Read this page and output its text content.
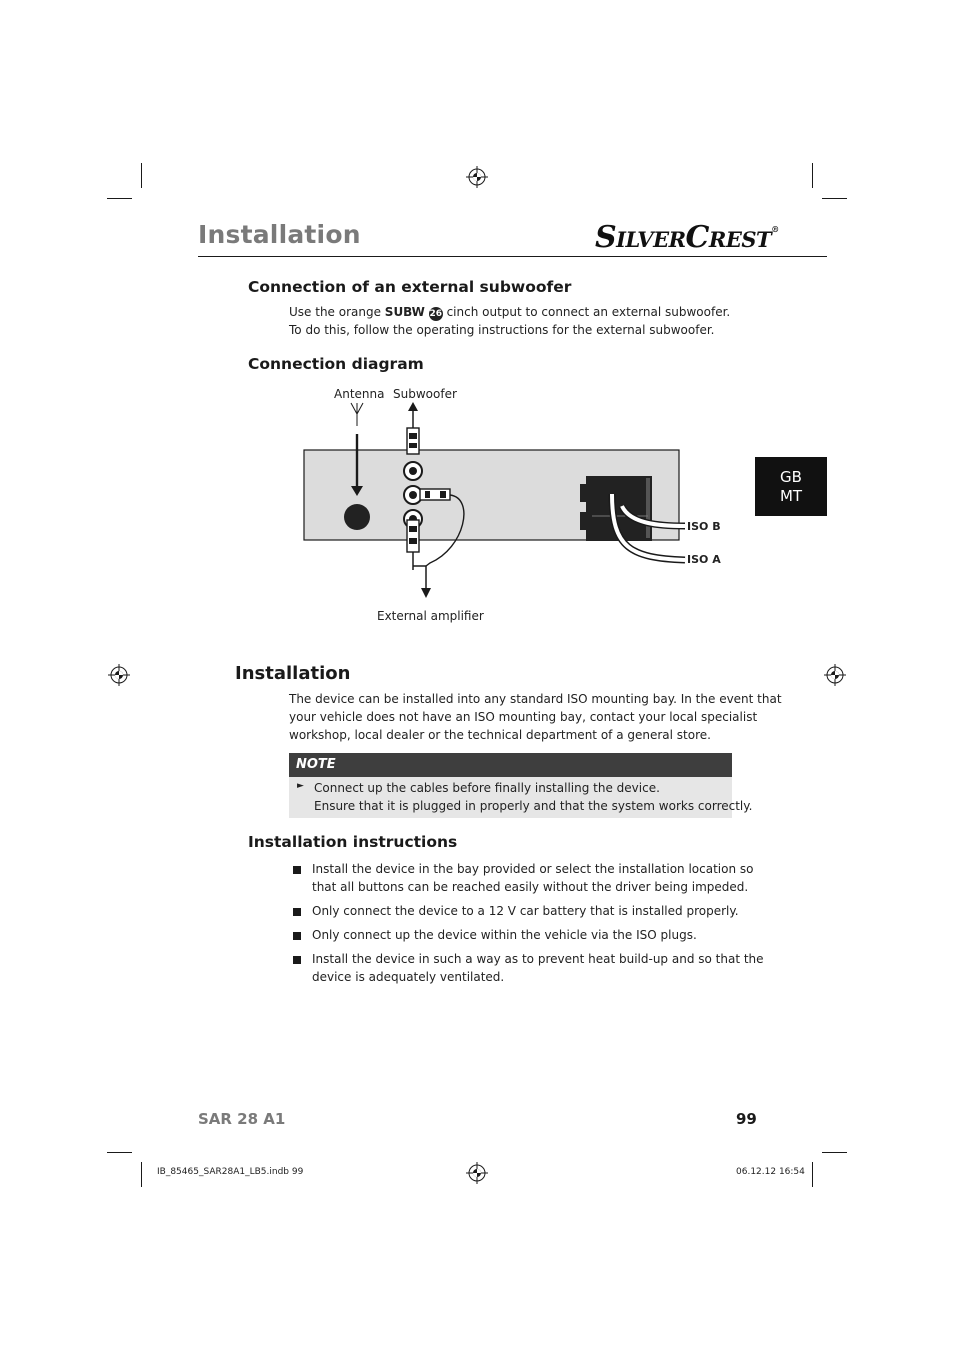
Installation	SILVERCREST®
GB
MT
Connection of an external subwoofer
Use the orange SUBW 26 cinch output to connect an external subwoofer.
To do this, follow the operating instructions for the external subwoofer.
Connection diagram
Antenna Subwoofer
ISO B
ISO A
External amplifier
Installation
The device can be installed into any standard ISO mounting bay. In the event that
your vehicle does not have an ISO mounting bay, contact your local specialist
workshop, local dealer or the technical department of a general store.
NOTE
► Connect up the cables before finally installing the device.
Ensure that it is plugged in properly and that the system works correctly.
Installation instructions
Install the device in the bay provided or select the installation location so
that all buttons can be reached easily without the driver being impeded.
Only connect the device to a 12 V car battery that is installed properly.
Only connect up the device within the vehicle via the ISO plugs.
Install the device in such a way as to prevent heat build-up and so that the
device is adequately ventilated.
SAR 28 A1	99
IB_85465_SAR28A1_LB5.indb 99	06.12.12 16:54
